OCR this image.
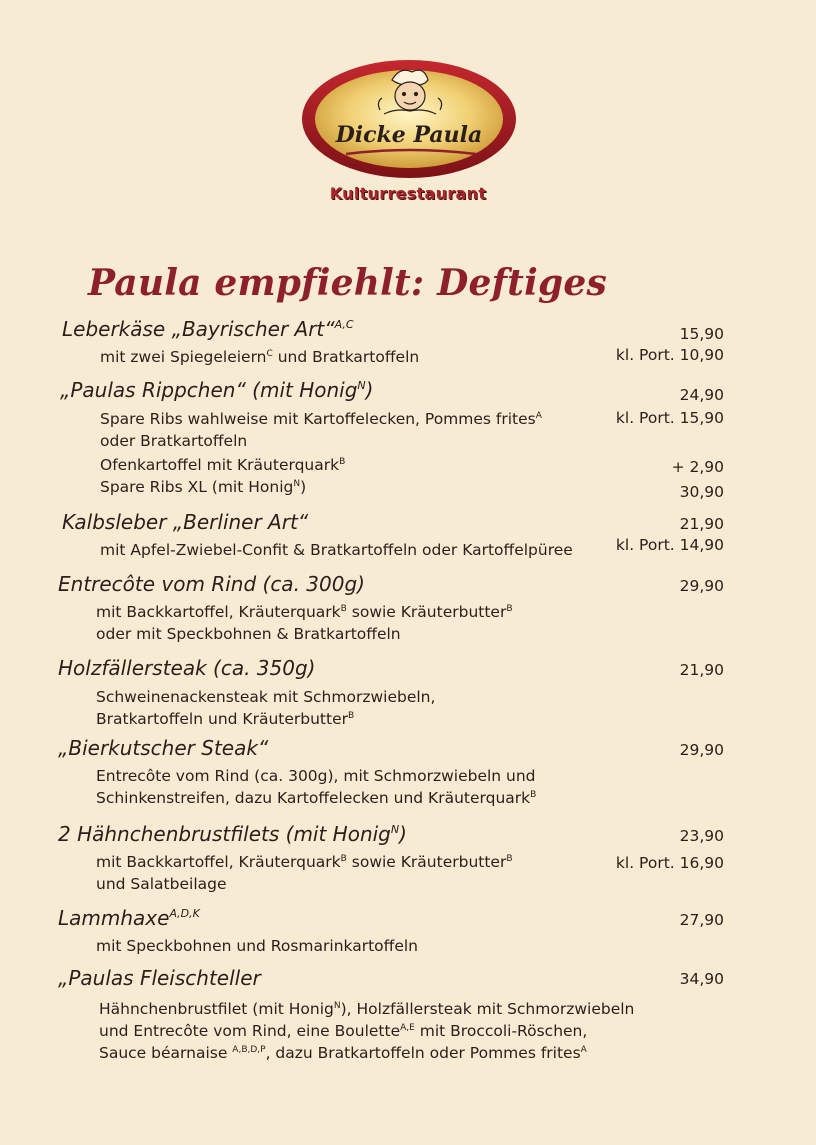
Dicke Paula
Kulturrestaurant
Paula empfiehlt: Deftiges
Leberkäse „Bayrischer Art“$^{A,C}$
15,90
kl. Port. 10,90
mit zwei Spiegeleiern$^C$ und Bratkartoffeln
„Paulas Rippchen“ (mit Honig$^N$)	24,90
kl. Port. 15,90
Spare Ribs wahlweise mit Kartoffelecken, Pommes frites$^A$
oder Bratkartoffeln
Ofenkartoffel mit Kräuterquark$^B$	+ 2,90
Spare Ribs XL (mit Honig$^N$)	30,90
Kalbsleber „Berliner Art“	21,90
kl. Port. 14,90
mit Apfel-Zwiebel-Confit & Bratkartoffeln oder Kartoffelpüree
Entrecôte vom Rind (ca. 300g)	29,90
mit Backkartoffel, Kräuterquark$^B$ sowie Kräuterbutter$^B$
oder mit Speckbohnen & Bratkartoffeln
Holzfällersteak (ca. 350g)	21,90
Schweinenackensteak mit Schmorzwiebeln,
Bratkartoffeln und Kräuterbutter$^B$
„Bierkutscher Steak“	29,90
Entrecôte vom Rind (ca. 300g), mit Schmorzwiebeln und
Schinkenstreifen, dazu Kartoffelecken und Kräuterquark$^B$
2 Hähnchenbrustfilets (mit Honig$^N$)	23,90
kl. Port. 16,90
mit Backkartoffel, Kräuterquark$^B$ sowie Kräuterbutter$^B$
und Salatbeilage
Lammhaxe$^{A,D,K}$	27,90
mit Speckbohnen und Rosmarinkartoffeln
„Paulas Fleischteller	34,90
Hähnchenbrustfilet (mit Honig$^N$), Holzfällersteak mit Schmorzwiebeln
und Entrecôte vom Rind, eine Boulette$^{A,E}$ mit Broccoli-Röschen,
Sauce béarnaise $^{A,B,D,P}$, dazu Bratkartoffeln oder Pommes frites$^A$
